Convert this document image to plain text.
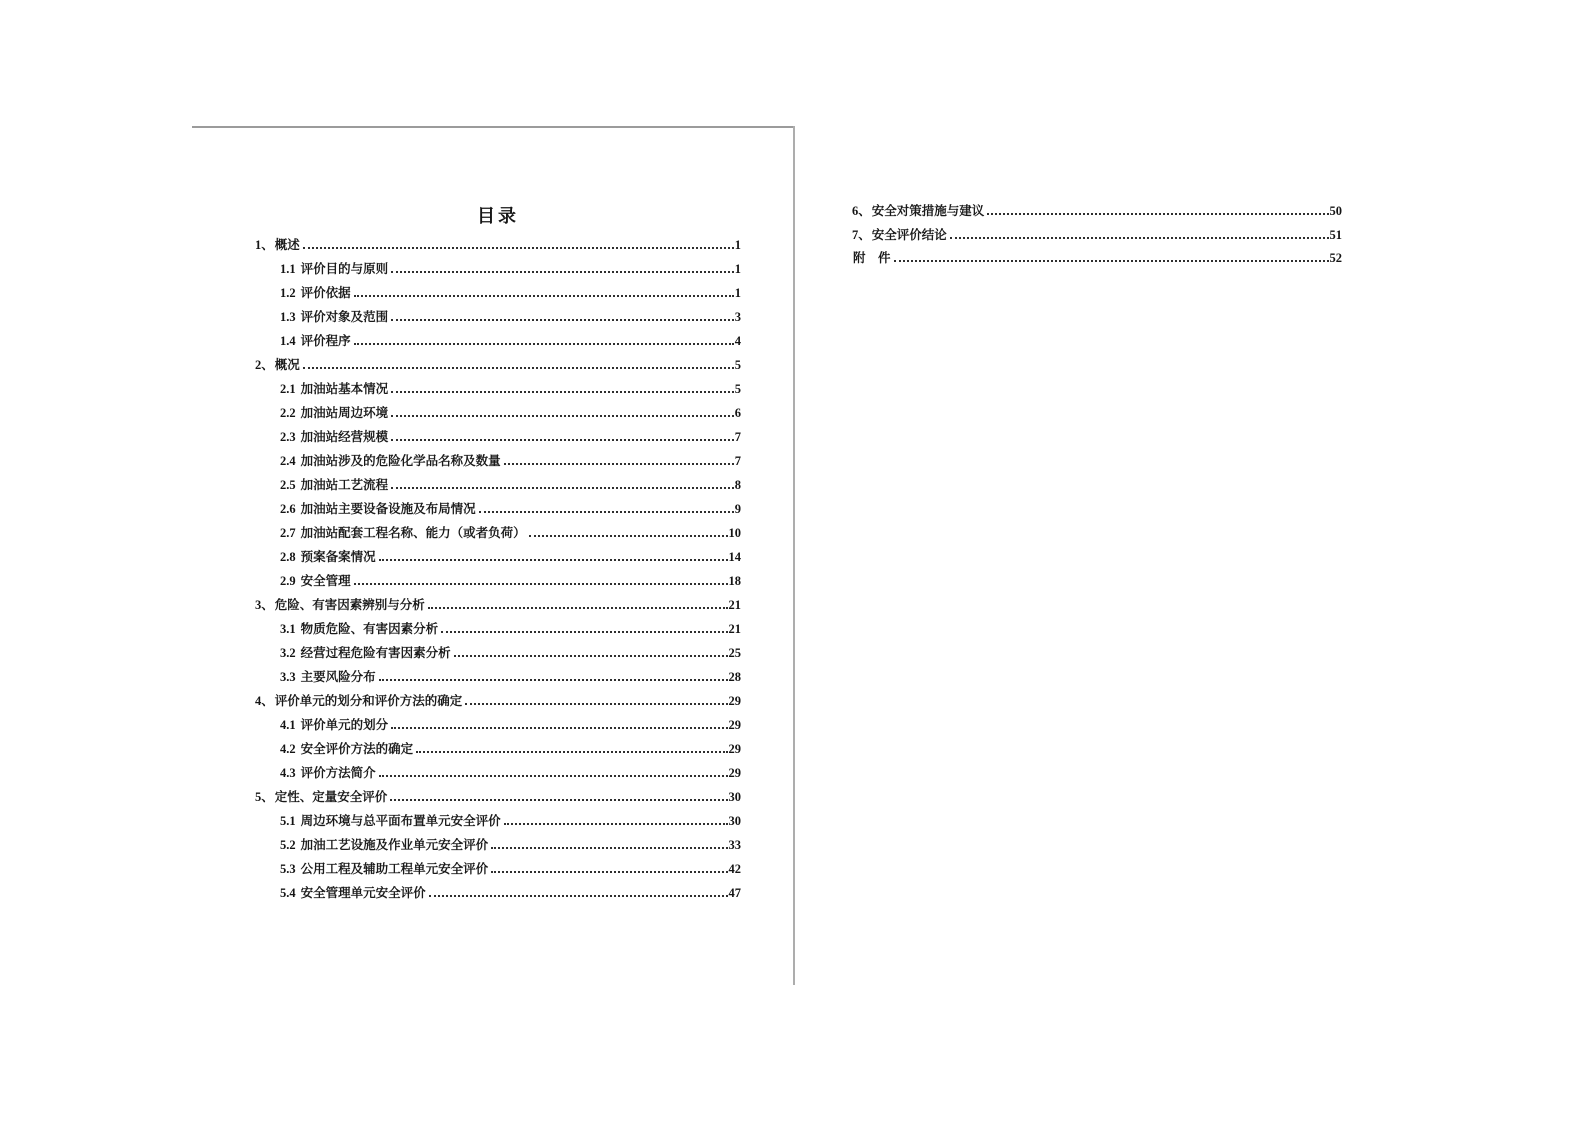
目录
1、 概述	1
1.1 评价目的与原则	1
1.2 评价依据	1
1.3 评价对象及范围	3
1.4 评价程序	4
2、 概况	5
2.1 加油站基本情况	5
2.2 加油站周边环境	6
2.3 加油站经营规模	7
2.4 加油站涉及的危险化学品名称及数量	7
2.5 加油站工艺流程	8
2.6 加油站主要设备设施及布局情况	9
2.7 加油站配套工程名称、能力（或者负荷）	10
2.8 预案备案情况	14
2.9 安全管理	18
3、 危险、有害因素辨别与分析	21
3.1 物质危险、有害因素分析	21
3.2 经营过程危险有害因素分析	25
3.3 主要风险分布	28
4、 评价单元的划分和评价方法的确定	29
4.1 评价单元的划分	29
4.2 安全评价方法的确定	29
4.3 评价方法简介	29
5、 定性、定量安全评价	30
5.1 周边环境与总平面布置单元安全评价	30
5.2 加油工艺设施及作业单元安全评价	33
5.3 公用工程及辅助工程单元安全评价	42
5.4 安全管理单元安全评价	47
6、 安全对策措施与建议	50
7、 安全评价结论	51
附　件	52
